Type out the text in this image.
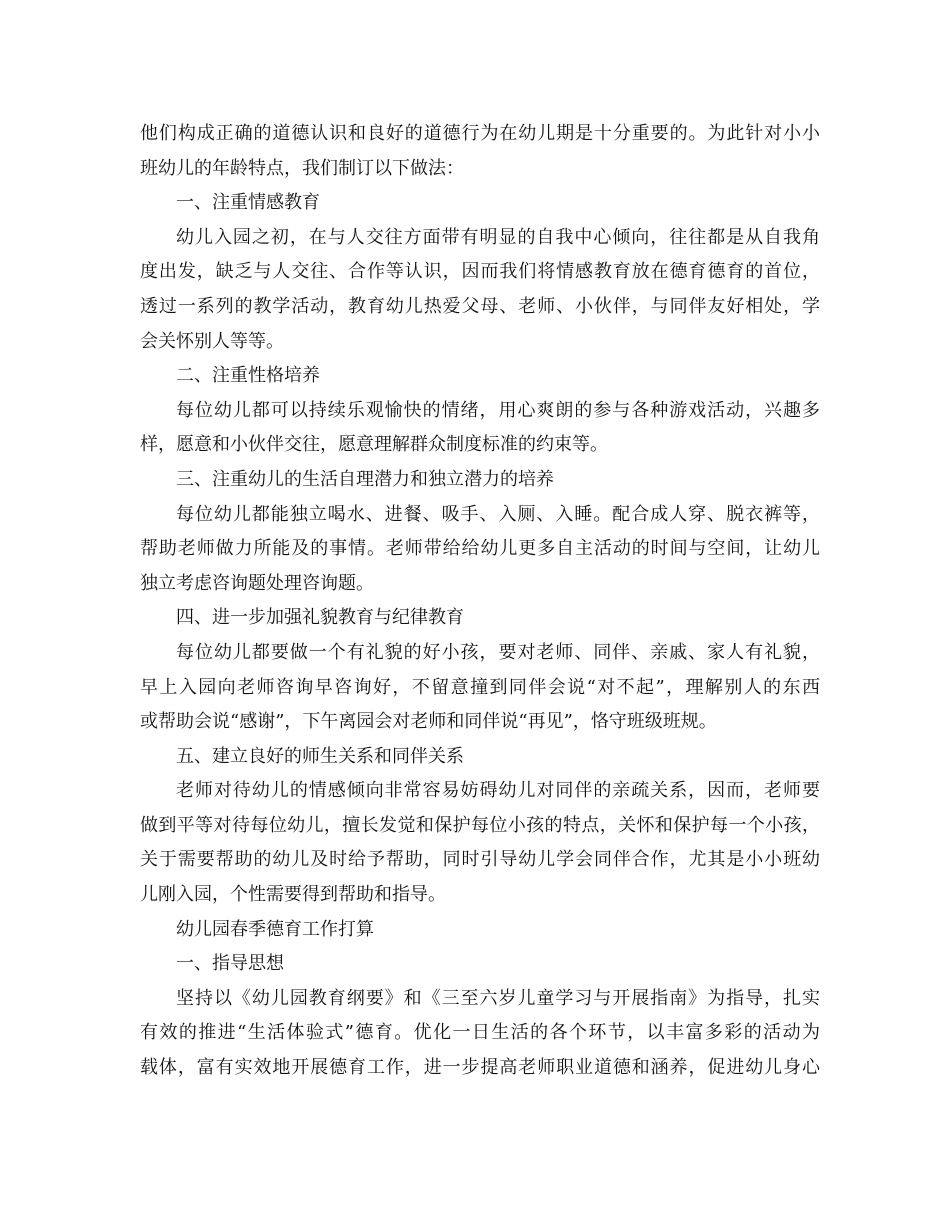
他们构成正确的道德认识和良好的道德行为在幼儿期是十分重要的。为此针对小小
班幼儿的年龄特点，我们制订以下做法：
一、注重情感教育
幼儿入园之初，在与人交往方面带有明显的自我中心倾向，往往都是从自我角
度出发，缺乏与人交往、合作等认识，因而我们将情感教育放在德育德育的首位，
透过一系列的教学活动，教育幼儿热爱父母、老师、小伙伴，与同伴友好相处，学
会关怀别人等等。
二、注重性格培养
每位幼儿都可以持续乐观愉快的情绪，用心爽朗的参与各种游戏活动，兴趣多
样，愿意和小伙伴交往，愿意理解群众制度标准的约束等。
三、注重幼儿的生活自理潜力和独立潜力的培养
每位幼儿都能独立喝水、进餐、吸手、入厕、入睡。配合成人穿、脱衣裤等，
帮助老师做力所能及的事情。老师带给给幼儿更多自主活动的时间与空间，让幼儿
独立考虑咨询题处理咨询题。
四、进一步加强礼貌教育与纪律教育
每位幼儿都要做一个有礼貌的好小孩，要对老师、同伴、亲戚、家人有礼貌，
早上入园向老师咨询早咨询好，不留意撞到同伴会说“对不起”，理解别人的东西
或帮助会说“感谢”，下午离园会对老师和同伴说“再见”，恪守班级班规。
五、建立良好的师生关系和同伴关系
老师对待幼儿的情感倾向非常容易妨碍幼儿对同伴的亲疏关系，因而，老师要
做到平等对待每位幼儿，擅长发觉和保护每位小孩的特点，关怀和保护每一个小孩，
关于需要帮助的幼儿及时给予帮助，同时引导幼儿学会同伴合作，尤其是小小班幼
儿刚入园，个性需要得到帮助和指导。
幼儿园春季德育工作打算
一、指导思想
坚持以《幼儿园教育纲要》和《三至六岁儿童学习与开展指南》为指导，扎实
有效的推进“生活体验式”德育。优化一日生活的各个环节，以丰富多彩的活动为
载体，富有实效地开展德育工作，进一步提高老师职业道德和涵养，促进幼儿身心
